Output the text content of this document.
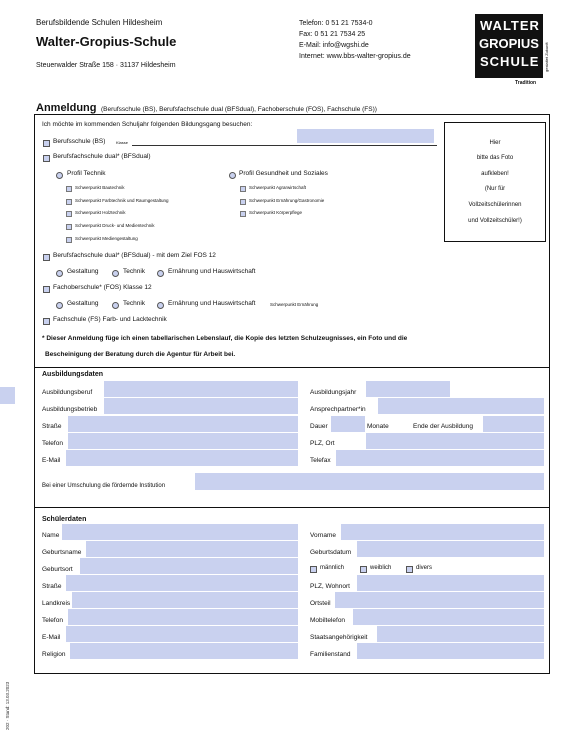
Berufsbildende Schulen Hildesheim
Walter-Gropius-Schule
Steuerwalder Straße 158 · 31137 Hildesheim
Telefon: 0 51 21 7534-0
Fax: 0 51 21 7534 25
E-Mail: info@wgshi.de
Internet: www.bbs-walter-gropius.de
WALTER
GROPIUS
SCHULE gestaltet Zukunft
Tradition
Anmeldung (Berufsschule (BS), Berufsfachschule dual (BFSdual), Fachoberschule (FOS), Fachschule (FS))
Ich möchte im kommenden Schuljahr folgenden Bildungsgang besuchen:
Hier
bitte das Foto
aufkleben!
(Nur für
Vollzeitschülerinnen
und Vollzeitschüler!)
Berufsschule (BS)	Klasse
Berufsfachschule dual* (BFSdual)
Profil Technik	Profil Gesundheit und Soziales
Schwerpunkt Bautechnik
Schwerpunkt Farbtechnik und Raumgestaltung
Schwerpunkt Holztechnik
Schwerpunkt Druck- und Medientechnik
Schwerpunkt Mediengestaltung
Schwerpunkt Agrarwirtschaft
Schwerpunkt Ernährung/Gastronomie
Schwerpunkt Körperpflege
Berufsfachschule dual* (BFSdual) - mit dem Ziel FOS 12
Gestaltung	Technik	Ernährung und Hauswirtschaft
Fachoberschule* (FOS) Klasse 12
Gestaltung	Technik	Ernährung und Hauswirtschaft	Schwerpunkt Ernährung
Fachschule (FS) Farb- und Lacktechnik
* Dieser Anmeldung füge ich einen tabellarischen Lebenslauf, die Kopie des letzten Schulzeugnisses, ein Foto und die
Bescheinigung der Beratung durch die Agentur für Arbeit bei.
Ausbildungsdaten
Ausbildungsberuf	Ausbildungsjahr
Ausbildungsbetrieb	Ansprechpartner*in
Straße	Dauer	Monate	Ende der Ausbildung
Telefon	PLZ, Ort
E-Mail	Telefax
Bei einer Umschulung die fördernde Institution
Schülerdaten
Name	Vorname
Geburtsname	Geburtsdatum
Geburtsort	männlich	weiblich	divers
Straße	PLZ, Wohnort
Landkreis	Ortsteil
Telefon	Mobiltelefon
E-Mail	Staatsangehörigkeit
Religion	Familienstand
202 · Stand: 13.03.2023
